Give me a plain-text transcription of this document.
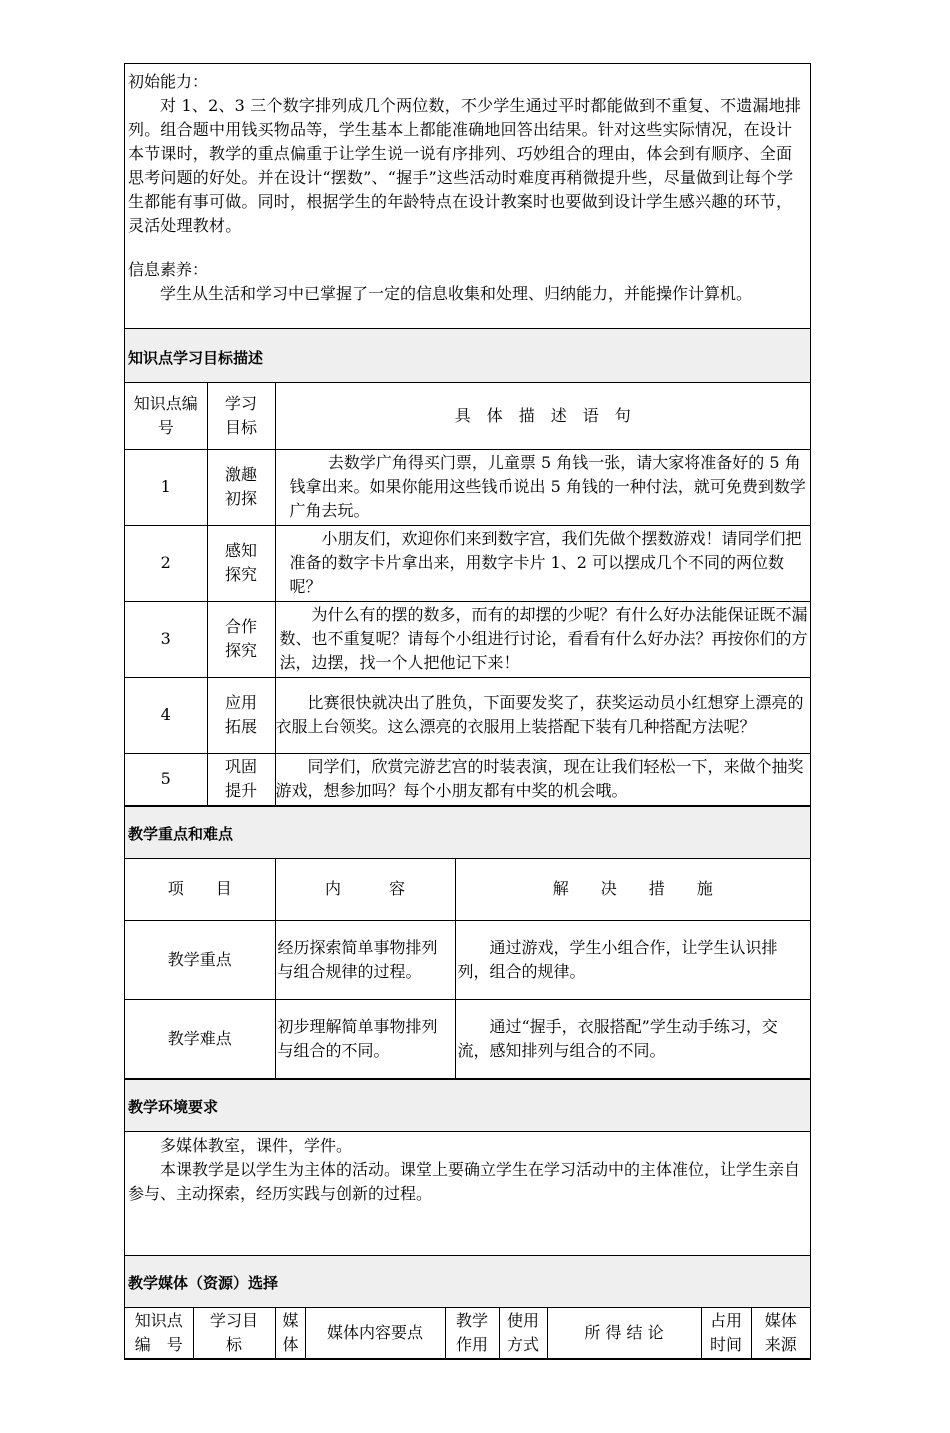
初始能力：
对 1、2、3 三个数字排列成几个两位数，不少学生通过平时都能做到不重复、不遗漏地排列。组合题中用钱买物品等，学生基本上都能准确地回答出结果。针对这些实际情况，在设计本节课时，教学的重点偏重于让学生说一说有序排列、巧妙组合的理由，体会到有顺序、全面思考问题的好处。并在设计“摆数”、“握手”这些活动时难度再稍微提升些，尽量做到让每个学生都能有事可做。同时，根据学生的年龄特点在设计教案时也要做到设计学生感兴趣的环节，灵活处理教材。
信息素养：
学生从生活和学习中已掌握了一定的信息收集和处理、归纳能力，并能操作计算机。
知识点学习目标描述
知识点编　号	学习目标	具　体　描　述　语　句
1	激趣初探	去数学广角得买门票，儿童票 5 角钱一张，请大家将准备好的 5 角钱拿出来。如果你能用这些钱币说出 5 角钱的一种付法，就可免费到数学广角去玩。
2	感知探究	小朋友们，欢迎你们来到数字宫，我们先做个摆数游戏！请同学们把准备的数字卡片拿出来，用数字卡片 1、2 可以摆成几个不同的两位数呢？
3	合作探究	为什么有的摆的数多，而有的却摆的少呢？有什么好办法能保证既不漏数、也不重复呢？请每个小组进行讨论，看看有什么好办法？再按你们的方法，边摆，找一个人把他记下来！
4	应用拓展	比赛很快就决出了胜负，下面要发奖了，获奖运动员小红想穿上漂亮的衣服上台领奖。这么漂亮的衣服用上装搭配下装有几种搭配方法呢？
5	巩固提升	同学们，欣赏完游艺宫的时装表演，现在让我们轻松一下，来做个抽奖游戏，想参加吗？每个小朋友都有中奖的机会哦。
教学重点和难点
项　　目	内　　　容	解　　决　　措　　施
教学重点	经历探索简单事物排列与组合规律的过程。	通过游戏，学生小组合作，让学生认识排列，组合的规律。
教学难点	初步理解简单事物排列与组合的不同。	通过“握手，衣服搭配”学生动手练习，交流，感知排列与组合的不同。
教学环境要求
多媒体教室，课件，学件。
本课教学是以学生为主体的活动。课堂上要确立学生在学习活动中的主体准位，让学生亲自参与、主动探索，经历实践与创新的过程。
教学媒体（资源）选择
知识点编　号	学习目标	媒体	媒体内容要点	教学作用	使用方式	所 得 结 论	占用时间	媒体来源
